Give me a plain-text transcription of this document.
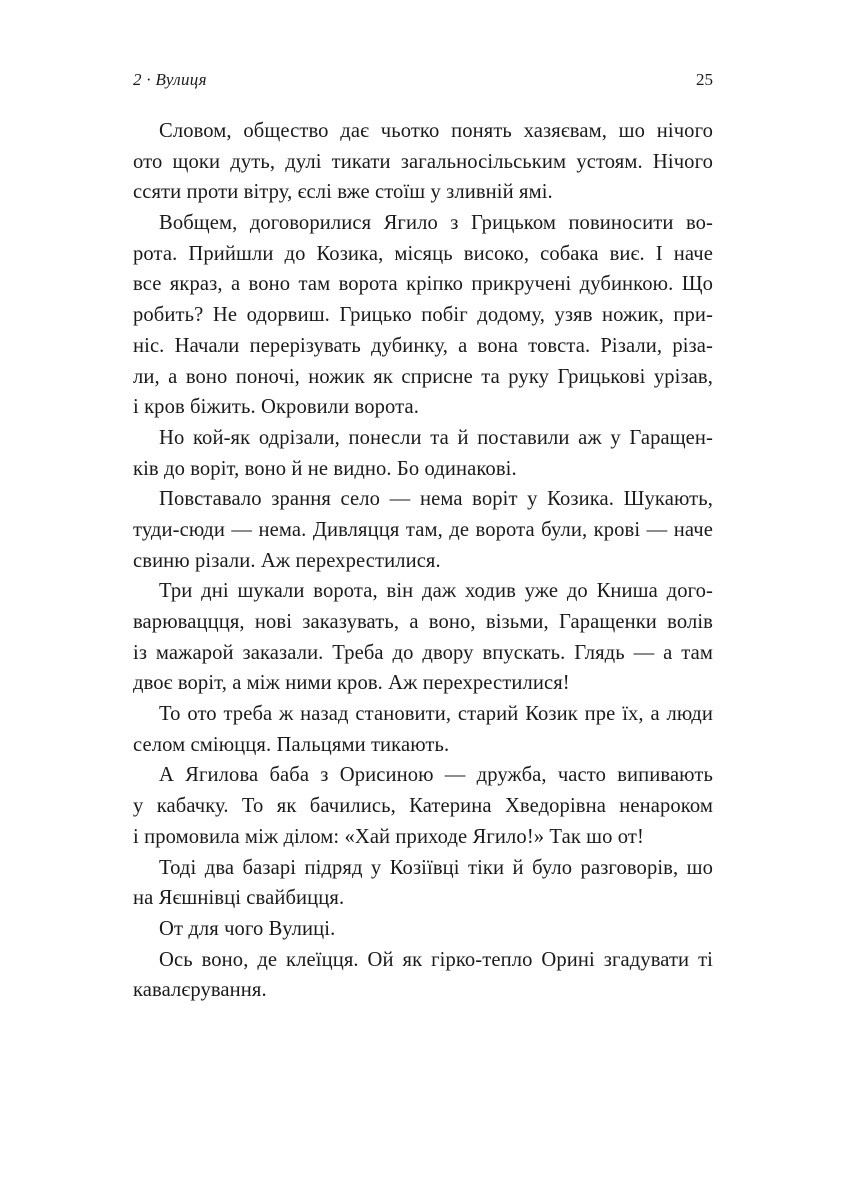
2 · Вулиця	25
Словом, общество дає чьотко понять хазяєвам, шо нічого
ото щоки дуть, дулі тикати загальносільським устоям. Нічого
ссяти проти вітру, єслі вже стоїш у зливній ямі.
Вобщем, договорилися Ягило з Грицьком повиносити во-
рота. Прийшли до Козика, місяць високо, собака виє. І наче
все якраз, а воно там ворота кріпко прикручені дубинкою. Що
робить? Не одорвиш. Грицько побіг додому, узяв ножик, при-
ніс. Начали перерізувать дубинку, а вона товста. Різали, різа-
ли, а воно поночі, ножик як сприсне та руку Грицькові урізав,
і кров біжить. Окровили ворота.
Но кой-як одрізали, понесли та й поставили аж у Гаращен-
ків до воріт, воно й не видно. Бо одинакові.
Повставало зрання село — нема воріт у Козика. Шукають,
туди-сюди — нема. Дивляцця там, де ворота були, крові — наче
свиню різали. Аж перехрестилися.
Три дні шукали ворота, він даж ходив уже до Книша дого-
варюваццця, нові заказувать, а воно, візьми, Гаращенки волів
із мажарой заказали. Треба до двору впускать. Глядь — а там
двоє воріт, а між ними кров. Аж перехрестилися!
То ото треба ж назад становити, старий Козик пре їх, а люди
селом сміюцця. Пальцями тикають.
А Ягилова баба з Орисиною — дружба, часто випивають
у кабачку. То як бачились, Катерина Хведорівна ненароком
і промовила між ділом: «Хай приходе Ягило!» Так шо от!
Тоді два базарі підряд у Козіївці тіки й було разговорів, шо
на Яєшнівці свайбицця.
От для чого Вулиці.
Ось воно, де клеїцця. Ой як гірко-тепло Орині згадувати ті
кавалєрування.
